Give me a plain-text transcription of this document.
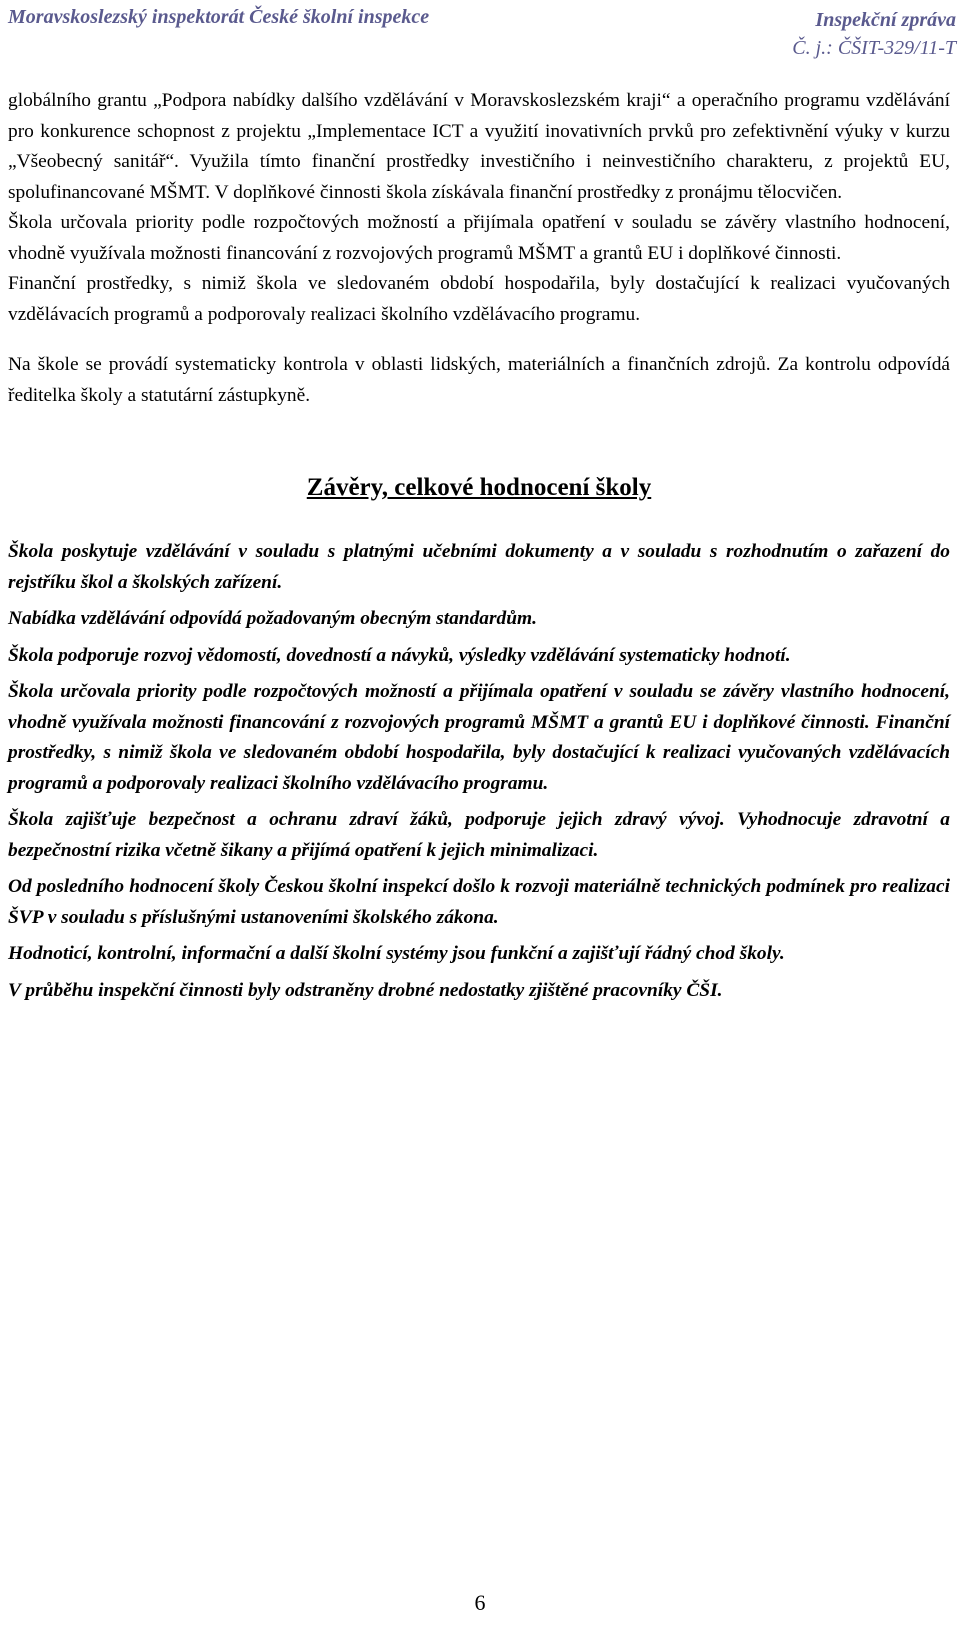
Moravskoslezský inspektorát České školní inspekce	Inspekční zpráva
Č. j.: ČŠIT-329/11-T

globálního grantu „Podpora nabídky dalšího vzdělávání v Moravskoslezském kraji“ a operačního programu vzdělávání pro konkurence schopnost z projektu „Implementace ICT a využití inovativních prvků pro zefektivnění výuky v kurzu „Všeobecný sanitář“. Využila tímto finanční prostředky investičního i neinvestičního charakteru, z projektů EU, spolufinancované MŠMT. V doplňkové činnosti škola získávala finanční prostředky z pronájmu tělocvičen.

Škola určovala priority podle rozpočtových možností a přijímala opatření v souladu se závěry vlastního hodnocení, vhodně využívala možnosti financování z rozvojových programů MŠMT a grantů EU i doplňkové činnosti.

Finanční prostředky, s nimiž škola ve sledovaném období hospodařila, byly dostačující k realizaci vyučovaných vzdělávacích programů a podporovaly realizaci školního vzdělávacího programu.

Na škole se provádí systematicky kontrola v oblasti lidských, materiálních a finančních zdrojů. Za kontrolu odpovídá ředitelka školy a statutární zástupkyně.

Závěry, celkové hodnocení školy

Škola poskytuje vzdělávání v souladu s platnými učebními dokumenty a v souladu s rozhodnutím o zařazení do rejstříku škol a školských zařízení.

Nabídka vzdělávání odpovídá požadovaným obecným standardům.

Škola podporuje rozvoj vědomostí, dovedností a návyků, výsledky vzdělávání systematicky hodnotí.

Škola určovala priority podle rozpočtových možností a přijímala opatření v souladu se závěry vlastního hodnocení, vhodně využívala možnosti financování z rozvojových programů MŠMT a grantů EU i doplňkové činnosti. Finanční prostředky, s nimiž škola ve sledovaném období hospodařila, byly dostačující k realizaci vyučovaných vzdělávacích programů a podporovaly realizaci školního vzdělávacího programu.

Škola zajišťuje bezpečnost a ochranu zdraví žáků, podporuje jejich zdravý vývoj. Vyhodnocuje zdravotní a bezpečnostní rizika včetně šikany a přijímá opatření k jejich minimalizaci.

Od posledního hodnocení školy Českou školní inspekcí došlo k rozvoji materiálně technických podmínek pro realizaci ŠVP v souladu s příslušnými ustanoveními školského zákona.

Hodnoticí, kontrolní, informační a další školní systémy jsou funkční a zajišťují řádný chod školy.

V průběhu inspekční činnosti byly odstraněny drobné nedostatky zjištěné pracovníky ČŠI.

6
